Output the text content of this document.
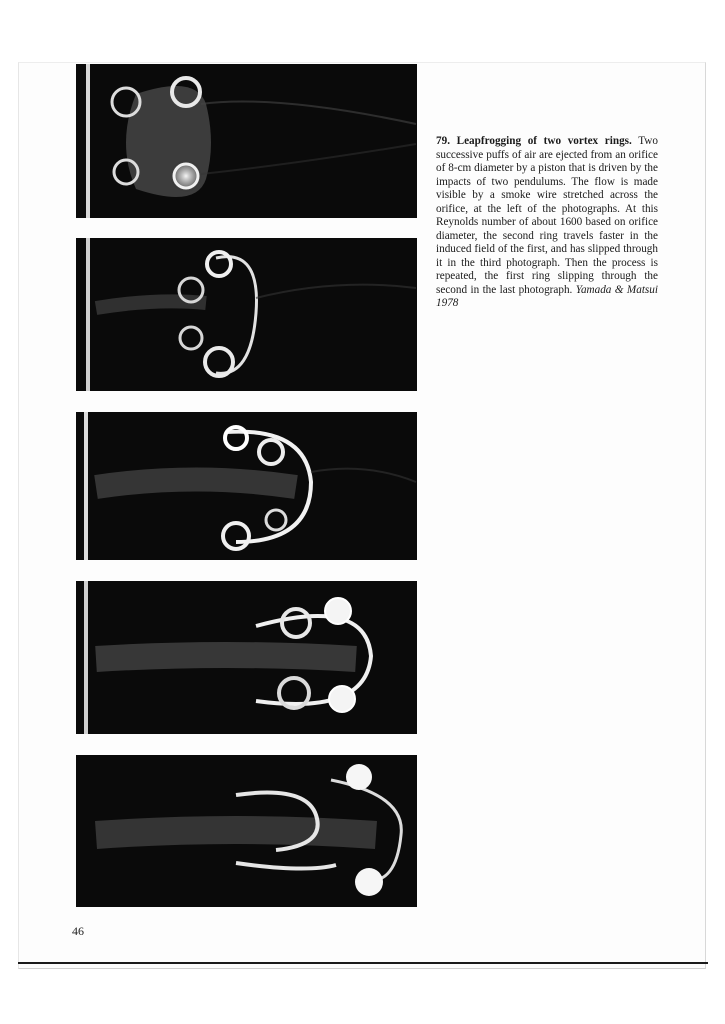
79. Leapfrogging of two vortex rings. Two successive puffs of air are ejected from an orifice of 8-cm diameter by a piston that is driven by the impacts of two pendulums. The flow is made visible by a smoke wire stretched across the orifice, at the left of the photographs. At this Reynolds number of about 1600 based on orifice diameter, the second ring travels faster in the induced field of the first, and has slipped through it in the third photograph. Then the process is repeated, the first ring slipping through the second in the last photograph. Yamada & Matsui 1978

46
